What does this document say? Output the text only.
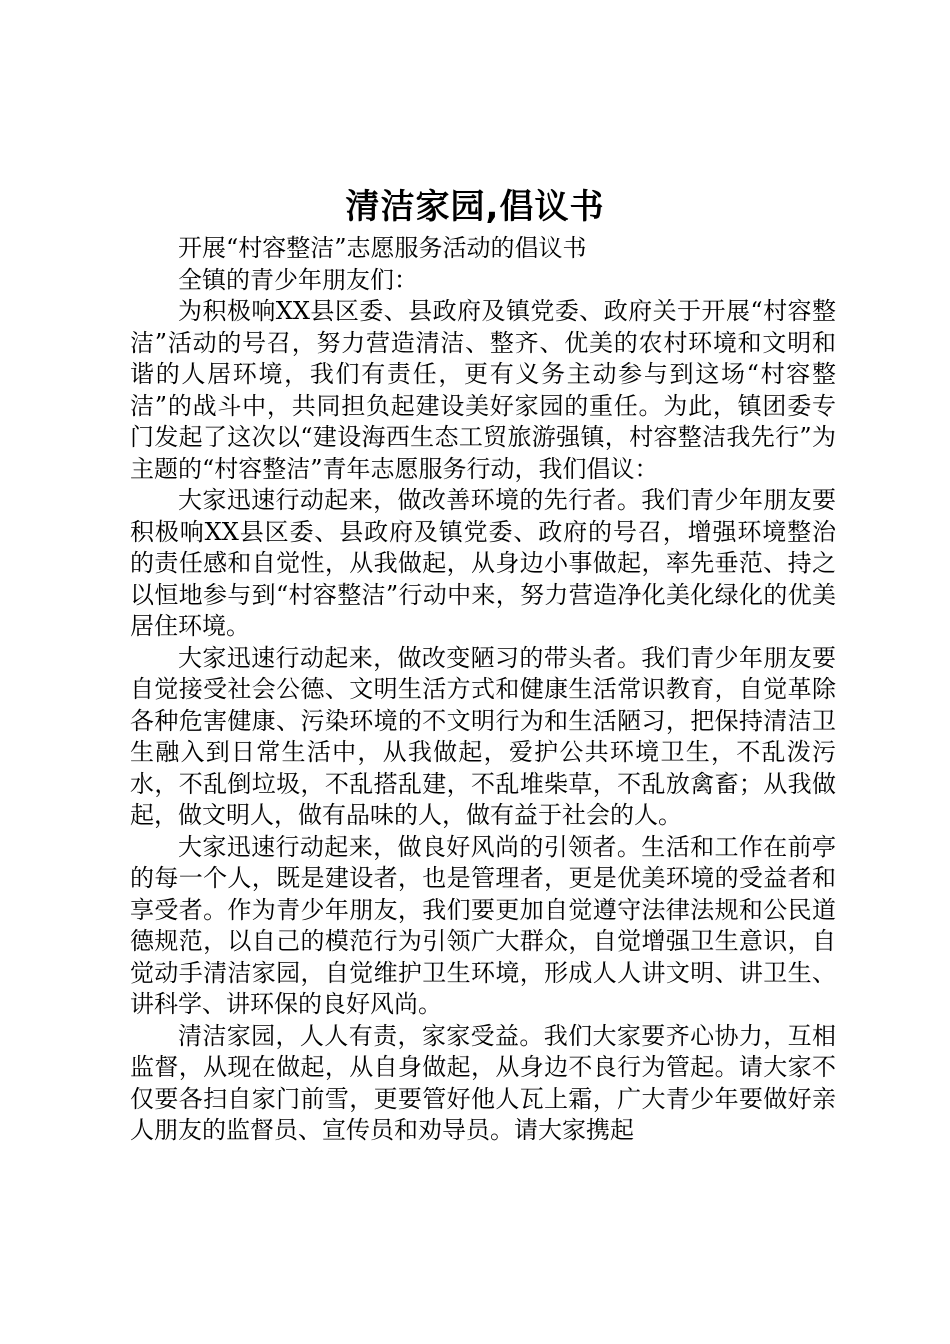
清洁家园,倡议书

开展“村容整洁”志愿服务活动的倡议书

全镇的青少年朋友们：

为积极响XX县区委、县政府及镇党委、政府关于开展“村容整洁”活动的号召，努力营造清洁、整齐、优美的农村环境和文明和谐的人居环境，我们有责任，更有义务主动参与到这场“村容整洁”的战斗中，共同担负起建设美好家园的重任。为此，镇团委专门发起了这次以“建设海西生态工贸旅游强镇，村容整洁我先行”为主题的“村容整洁”青年志愿服务行动，我们倡议：

大家迅速行动起来，做改善环境的先行者。我们青少年朋友要积极响XX县区委、县政府及镇党委、政府的号召，增强环境整治的责任感和自觉性，从我做起，从身边小事做起，率先垂范、持之以恒地参与到“村容整洁”行动中来，努力营造净化美化绿化的优美居住环境。

大家迅速行动起来，做改变陋习的带头者。我们青少年朋友要自觉接受社会公德、文明生活方式和健康生活常识教育，自觉革除各种危害健康、污染环境的不文明行为和生活陋习，把保持清洁卫生融入到日常生活中，从我做起，爱护公共环境卫生，不乱泼污水，不乱倒垃圾，不乱搭乱建，不乱堆柴草，不乱放禽畜；从我做起，做文明人，做有品味的人，做有益于社会的人。

大家迅速行动起来，做良好风尚的引领者。生活和工作在前亭的每一个人，既是建设者，也是管理者，更是优美环境的受益者和享受者。作为青少年朋友，我们要更加自觉遵守法律法规和公民道德规范，以自己的模范行为引领广大群众，自觉增强卫生意识，自觉动手清洁家园，自觉维护卫生环境，形成人人讲文明、讲卫生、讲科学、讲环保的良好风尚。

清洁家园，人人有责，家家受益。我们大家要齐心协力，互相监督，从现在做起，从自身做起，从身边不良行为管起。请大家不仅要各扫自家门前雪，更要管好他人瓦上霜，广大青少年要做好亲人朋友的监督员、宣传员和劝导员。请大家携起
